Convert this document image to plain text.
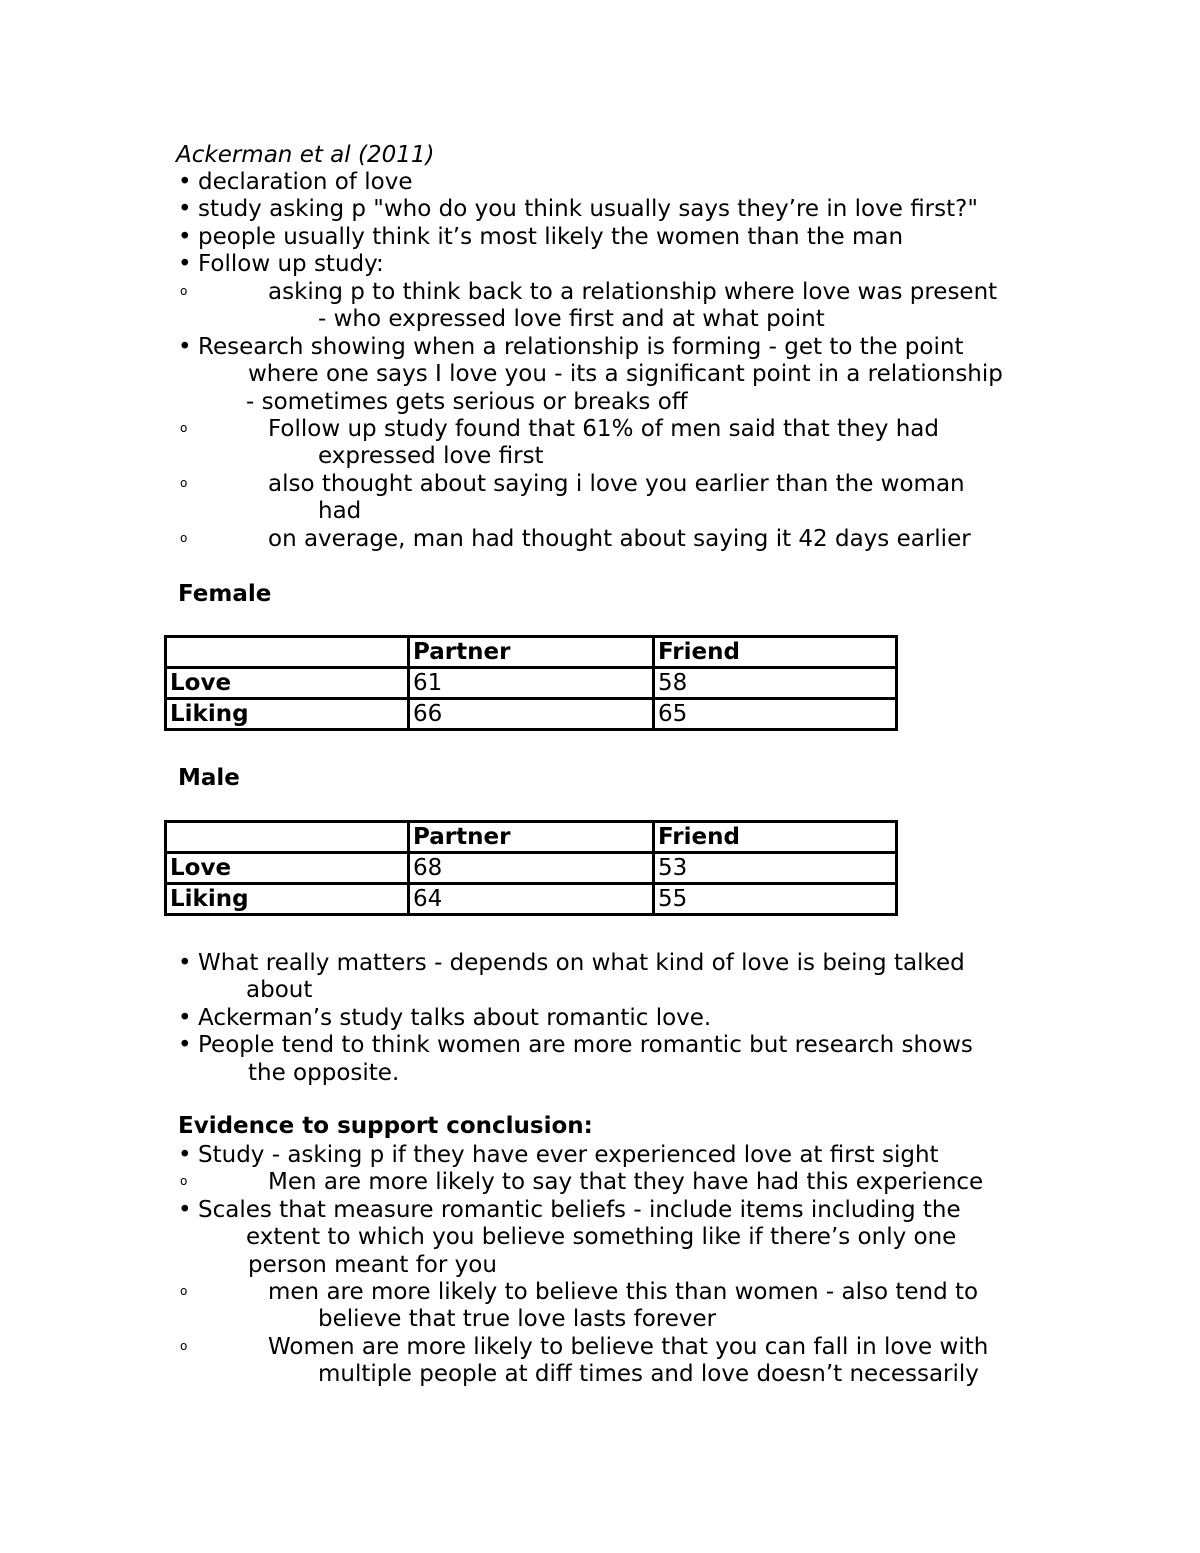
Ackerman et al (2011)
• declaration of love
• study asking p "who do you think usually says they’re in love first?"
• people usually think it’s most likely the women than the man
• Follow up study:
o	asking p to think back to a relationship where love was present
- who expressed love first and at what point
• Research showing when a relationship is forming - get to the point
where one says I love you - its a significant point in a relationship
- sometimes gets serious or breaks off
o	Follow up study found that 61% of men said that they had
expressed love first
o	also thought about saying i love you earlier than the woman
had
o	on average, man had thought about saying it 42 days earlier
Female
	Partner	Friend
Love	61	58
Liking	66	65
Male
	Partner	Friend
Love	68	53
Liking	64	55
• What really matters - depends on what kind of love is being talked
about
• Ackerman’s study talks about romantic love.
• People tend to think women are more romantic but research shows
the opposite.
Evidence to support conclusion:
• Study - asking p if they have ever experienced love at first sight
o	Men are more likely to say that they have had this experience
• Scales that measure romantic beliefs - include items including the
extent to which you believe something like if there’s only one
person meant for you
o	men are more likely to believe this than women - also tend to
believe that true love lasts forever
o	Women are more likely to believe that you can fall in love with
multiple people at diff times and love doesn’t necessarily
